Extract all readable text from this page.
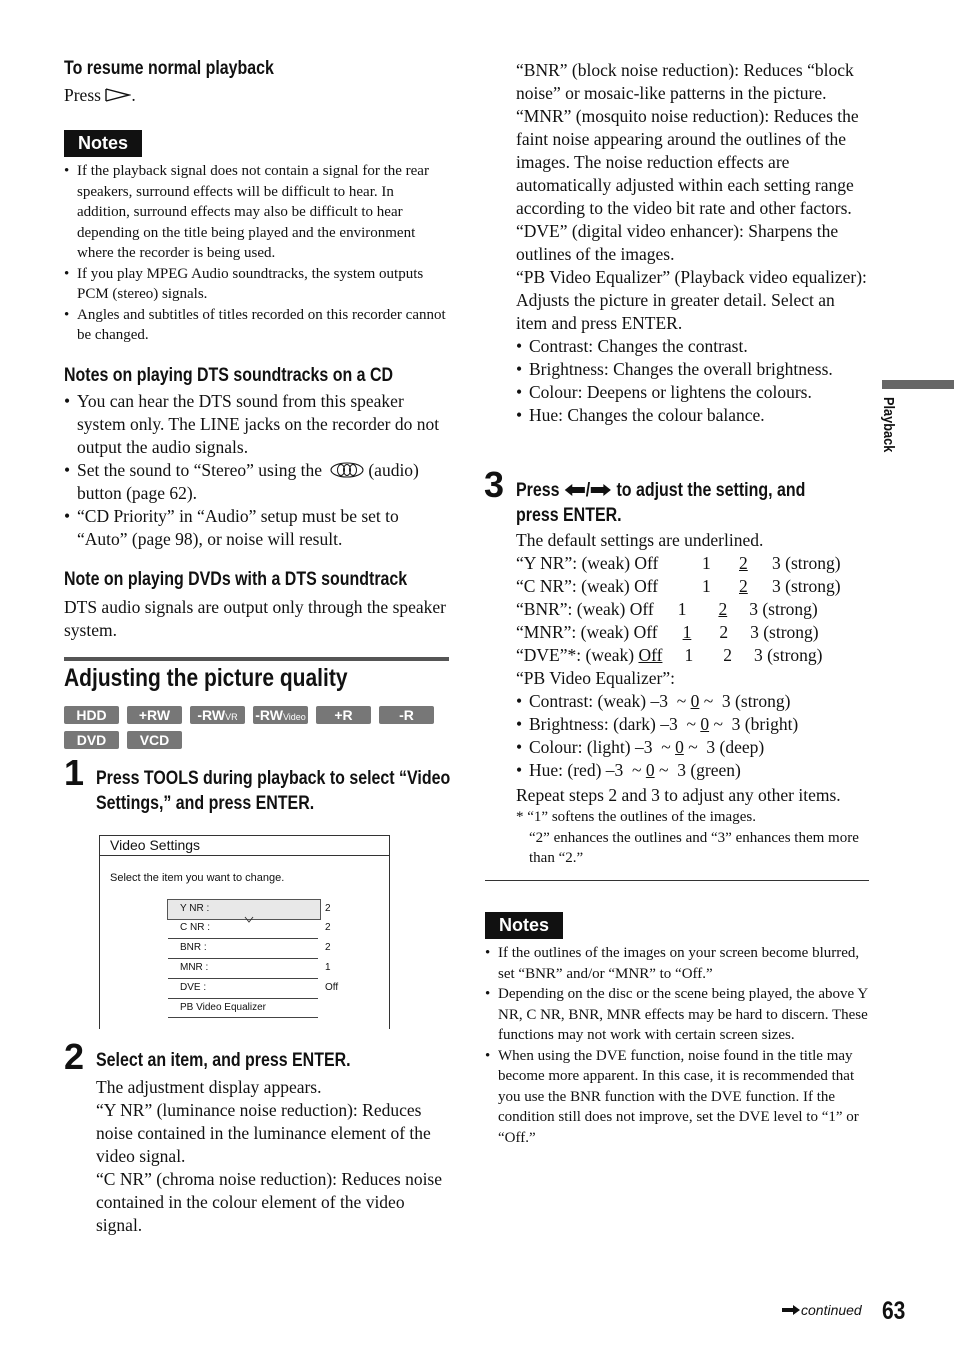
To resume normal playback
Press .
Notes
• If the playback signal does not contain a signal for the rear speakers, surround effects will be difficult to hear. In addition, surround effects may also be difficult to hear depending on the title being played and the environment where the recorder is being used.
• If you play MPEG Audio soundtracks, the system outputs PCM (stereo) signals.
• Angles and subtitles of titles recorded on this recorder cannot be changed.
Notes on playing DTS soundtracks on a CD
• You can hear the DTS sound from this speaker system only. The LINE jacks on the recorder do not output the audio signals.
• Set the sound to “Stereo” using the	(audio) button (page 62).
• “CD Priority” in “Audio” setup must be set to “Auto” (page 98), or noise will result.
Note on playing DVDs with a DTS soundtrack
DTS audio signals are output only through the speaker system.
Adjusting the picture quality
HDD	+RW	-RWVR	-RWVideo	+R	-R
DVD	VCD
1 Press TOOLS during playback to select “Video Settings,” and press ENTER.
Video Settings
Select the item you want to change.
Y NR :	2
C NR :	2
BNR :	2
MNR :	1
DVE :	Off
PB Video Equalizer
2 Select an item, and press ENTER.
The adjustment display appears.
“Y NR” (luminance noise reduction): Reduces noise contained in the luminance element of the video signal.
“C NR” (chroma noise reduction): Reduces noise contained in the colour element of the video signal.
“BNR” (block noise reduction): Reduces “block noise” or mosaic-like patterns in the picture.
“MNR” (mosquito noise reduction): Reduces the faint noise appearing around the outlines of the images. The noise reduction effects are automatically adjusted within each setting range according to the video bit rate and other factors.
“DVE” (digital video enhancer): Sharpens the outlines of the images.
“PB Video Equalizer” (Playback video equalizer): Adjusts the picture in greater detail. Select an item and press ENTER.
• Contrast: Changes the contrast.
• Brightness: Changes the overall brightness.
• Colour: Deepens or lightens the colours.
• Hue: Changes the colour balance.
3 Press / to adjust the setting, and
press ENTER.
The default settings are underlined.
“Y NR”: (weak) Off	1	2	3 (strong)
“C NR”: (weak) Off	1	2	3 (strong)
“BNR”: (weak) Off 1 2 3 (strong)			
“MNR”: (weak) Off 1 2 3 (strong)			
“DVE”*: (weak) Off 1 2 3 (strong)			
“PB Video Equalizer”:
• Contrast: (weak) –3  ~ 0 ~  3 (strong)
• Brightness: (dark) –3  ~ 0 ~  3 (bright)
• Colour: (light) –3  ~ 0 ~  3 (deep)
• Hue: (red) –3  ~ 0 ~  3 (green)
Repeat steps 2 and 3 to adjust any other items.
* “1” softens the outlines of the images.
“2” enhances the outlines and “3” enhances them more than “2.”
Notes
• If the outlines of the images on your screen become blurred, set “BNR” and/or “MNR” to “Off.”
• Depending on the disc or the scene being played, the above Y NR, C NR, BNR, MNR effects may be hard to discern. These functions may not work with certain screen sizes.
• When using the DVE function, noise found in the title may become more apparent. In this case, it is recommended that you use the BNR function with the DVE function. If the condition still does not improve, set the DVE level to “1” or “Off.”
Playback
continued 63
